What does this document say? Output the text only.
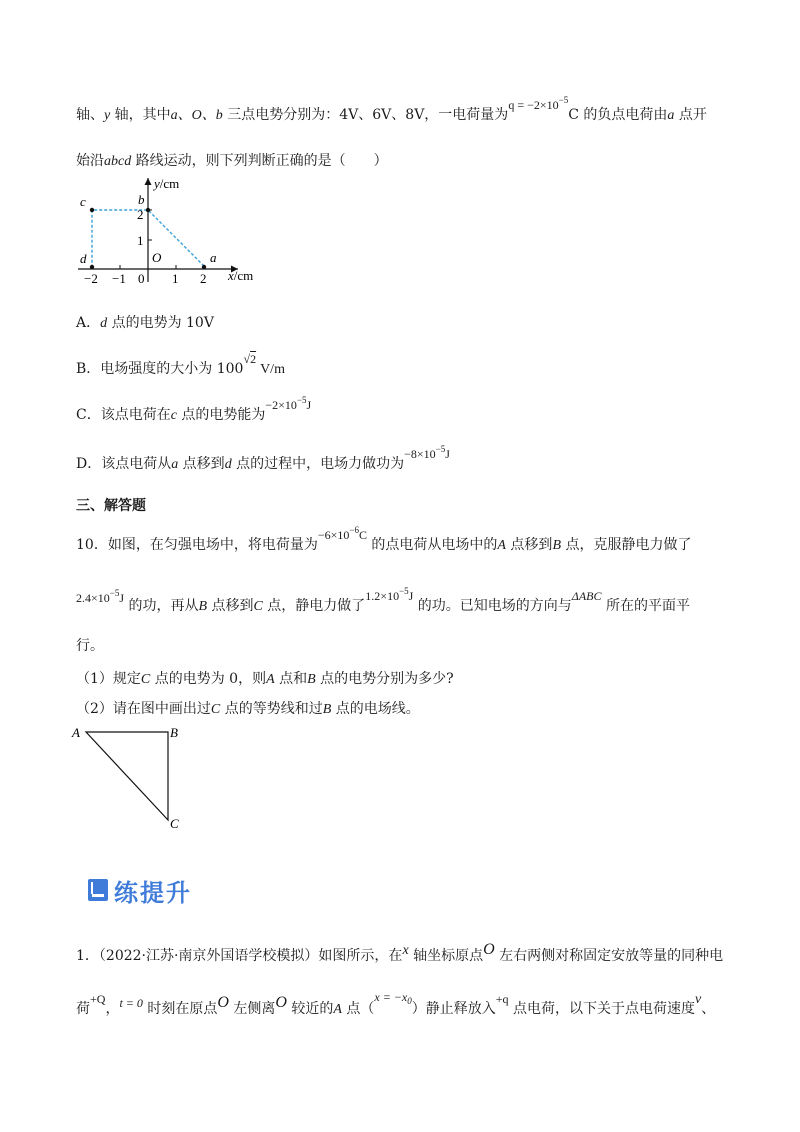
轴、y 轴，其中a、O、b 三点电势分别为：4V、6V、8V，一电荷量为$q = -2\times 10^{-5}C$ 的负点电荷由a 点开
始沿abcd 路线运动，则下列判断正确的是（　　）
y/cm
x/cm
c	b
d	a
O
2
1
−2 −1 0 1 2
A．d 点的电势为 10V
B．电场强度的大小为 100√2V/m
C．该点电荷在c 点的电势能为$-2\times 10^{-5}J$
D．该点电荷从a 点移到d 点的过程中，电场力做功为$-8\times 10^{-5}J$
三、解答题
10．如图，在匀强电场中，将电荷量为$-6\times 10^{-6}C$ 的点电荷从电场中的A 点移到B 点，克服静电力做了
$2.4\times 10^{-5}J$ 的功，再从B 点移到C 点，静电力做了$1.2\times 10^{-5}J$ 的功。已知电场的方向与ΔABC 所在的平面平
行。
（1）规定C 点的电势为 0，则A 点和B 点的电势分别为多少?
（2）请在图中画出过C 点的等势线和过B 点的电场线。
A	B
C
练提升
1．（2022·江苏·南京外国语学校模拟）如图所示，在x 轴坐标原点O 左右两侧对称固定安放等量的同种电
荷+Q，t = 0 时刻在原点O 左侧离O 较近的A 点$(x = -x_0)$静止释放入+q 点电荷，以下关于点电荷速度v、
